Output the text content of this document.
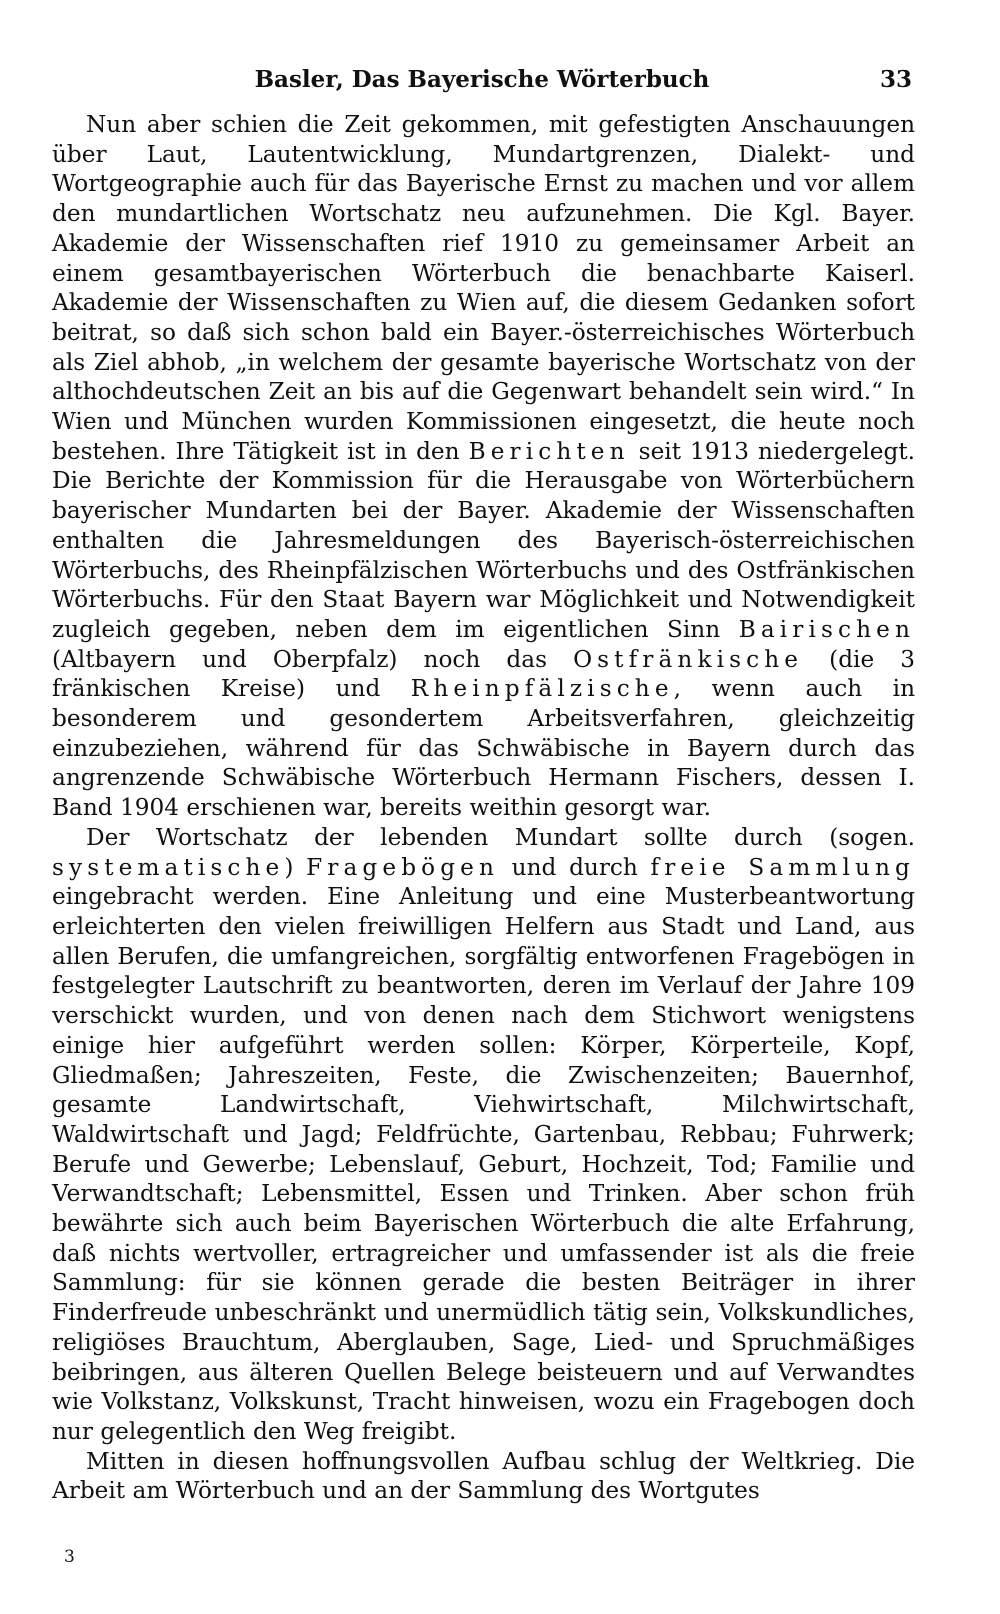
Basler, Das Bayerische Wörterbuch	33

Nun aber schien die Zeit gekommen, mit gefestigten Anschauungen über Laut, Lautentwicklung, Mundartgrenzen, Dialekt- und Wortgeographie auch für das Bayerische Ernst zu machen und vor allem den mundartlichen Wortschatz neu aufzunehmen. Die Kgl. Bayer. Akademie der Wissenschaften rief 1910 zu gemeinsamer Arbeit an einem gesamtbayerischen Wörterbuch die benachbarte Kaiserl. Akademie der Wissenschaften zu Wien auf, die diesem Gedanken sofort beitrat, so daß sich schon bald ein Bayer.-österreichisches Wörterbuch als Ziel abhob, „in welchem der gesamte bayerische Wortschatz von der althochdeutschen Zeit an bis auf die Gegenwart behandelt sein wird.“ In Wien und München wurden Kommissionen eingesetzt, die heute noch bestehen. Ihre Tätigkeit ist in den Berichten seit 1913 niedergelegt. Die Berichte der Kommission für die Herausgabe von Wörterbüchern bayerischer Mundarten bei der Bayer. Akademie der Wissenschaften enthalten die Jahresmeldungen des Bayerisch-österreichischen Wörterbuchs, des Rheinpfälzischen Wörterbuchs und des Ostfränkischen Wörterbuchs. Für den Staat Bayern war Möglichkeit und Notwendigkeit zugleich gegeben, neben dem im eigentlichen Sinn Bairischen (Altbayern und Oberpfalz) noch das Ostfränkische (die 3 fränkischen Kreise) und Rheinpfälzische, wenn auch in besonderem und gesondertem Arbeitsverfahren, gleichzeitig einzubeziehen, während für das Schwäbische in Bayern durch das angrenzende Schwäbische Wörterbuch Hermann Fischers, dessen I. Band 1904 erschienen war, bereits weithin gesorgt war.

Der Wortschatz der lebenden Mundart sollte durch (sogen. systematische) Fragebögen und durch freie Sammlung eingebracht werden. Eine Anleitung und eine Musterbeantwortung erleichterten den vielen freiwilligen Helfern aus Stadt und Land, aus allen Berufen, die umfangreichen, sorgfältig entworfenen Fragebögen in festgelegter Lautschrift zu beantworten, deren im Verlauf der Jahre 109 verschickt wurden, und von denen nach dem Stichwort wenigstens einige hier aufgeführt werden sollen: Körper, Körperteile, Kopf, Gliedmaßen; Jahreszeiten, Feste, die Zwischenzeiten; Bauernhof, gesamte Landwirtschaft, Viehwirtschaft, Milchwirtschaft, Waldwirtschaft und Jagd; Feldfrüchte, Gartenbau, Rebbau; Fuhrwerk; Berufe und Gewerbe; Lebenslauf, Geburt, Hochzeit, Tod; Familie und Verwandtschaft; Lebensmittel, Essen und Trinken. Aber schon früh bewährte sich auch beim Bayerischen Wörterbuch die alte Erfahrung, daß nichts wertvoller, ertragreicher und umfassender ist als die freie Sammlung: für sie können gerade die besten Beiträger in ihrer Finderfreude unbeschränkt und unermüdlich tätig sein, Volkskundliches, religiöses Brauchtum, Aberglauben, Sage, Lied- und Spruchmäßiges beibringen, aus älteren Quellen Belege beisteuern und auf Verwandtes wie Volkstanz, Volkskunst, Tracht hinweisen, wozu ein Fragebogen doch nur gelegentlich den Weg freigibt.

Mitten in diesen hoffnungsvollen Aufbau schlug der Weltkrieg. Die Arbeit am Wörterbuch und an der Sammlung des Wortgutes

3
